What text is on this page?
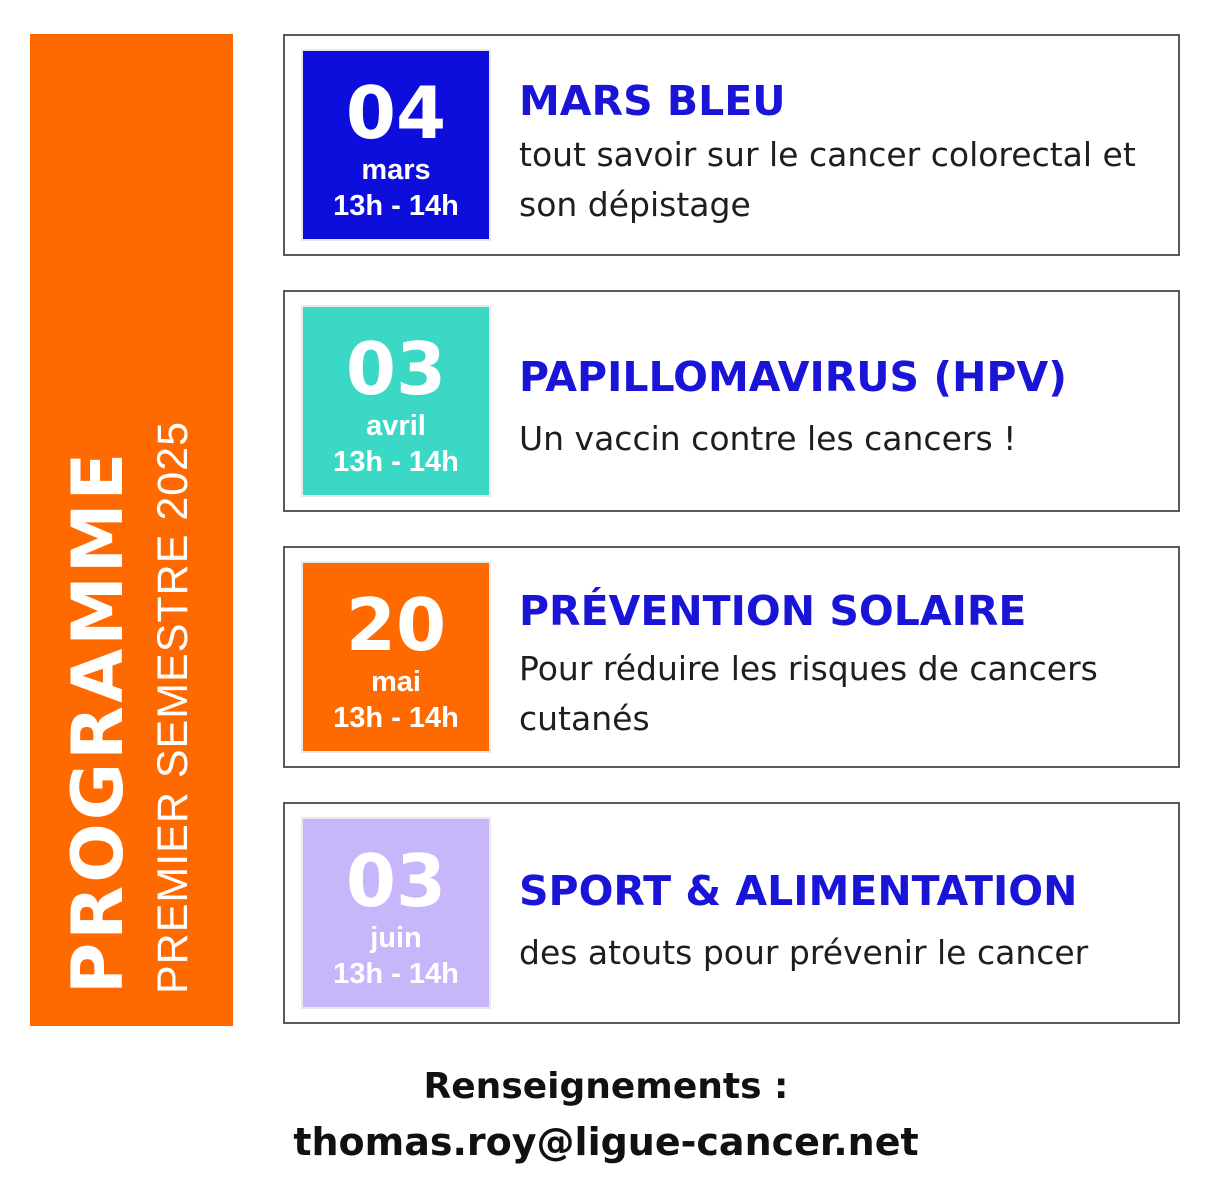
PROGRAMME PREMIER SEMESTRE 2025
04
mars
13h - 14h
MARS BLEU
tout savoir sur le cancer colorectal et son dépistage
03
avril
13h - 14h
PAPILLOMAVIRUS (HPV)
Un vaccin contre les cancers !
20
mai
13h - 14h
PRÉVENTION SOLAIRE
Pour réduire les risques de cancers cutanés
03
juin
13h - 14h
SPORT & ALIMENTATION
des atouts pour prévenir le cancer
Renseignements :
thomas.roy@ligue-cancer.net
